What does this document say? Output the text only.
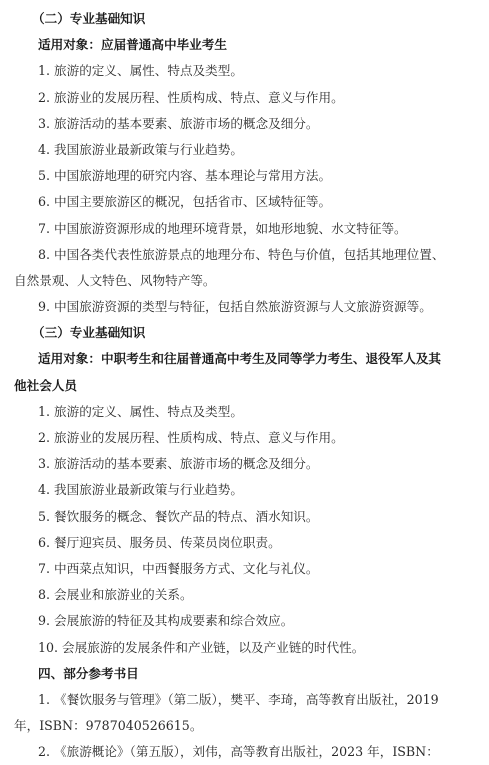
（二）专业基础知识
适用对象：应届普通高中毕业考生
1. 旅游的定义、属性、特点及类型。
2. 旅游业的发展历程、性质构成、特点、意义与作用。
3. 旅游活动的基本要素、旅游市场的概念及细分。
4. 我国旅游业最新政策与行业趋势。
5. 中国旅游地理的研究内容、基本理论与常用方法。
6. 中国主要旅游区的概况，包括省市、区域特征等。
7. 中国旅游资源形成的地理环境背景，如地形地貌、水文特征等。
8. 中国各类代表性旅游景点的地理分布、特色与价值，包括其地理位置、
自然景观、人文特色、风物特产等。
9. 中国旅游资源的类型与特征，包括自然旅游资源与人文旅游资源等。
（三）专业基础知识
适用对象：中职考生和往届普通高中考生及同等学力考生、退役军人及其
他社会人员
1. 旅游的定义、属性、特点及类型。
2. 旅游业的发展历程、性质构成、特点、意义与作用。
3. 旅游活动的基本要素、旅游市场的概念及细分。
4. 我国旅游业最新政策与行业趋势。
5. 餐饮服务的概念、餐饮产品的特点、酒水知识。
6. 餐厅迎宾员、服务员、传菜员岗位职责。
7. 中西菜点知识，中西餐服务方式、文化与礼仪。
8. 会展业和旅游业的关系。
9. 会展旅游的特征及其构成要素和综合效应。
10. 会展旅游的发展条件和产业链，以及产业链的时代性。
四、部分参考书目
1. 《餐饮服务与管理》（第二版），樊平、李琦，高等教育出版社，2019
年，ISBN：9787040526615。
2. 《旅游概论》（第五版），刘伟，高等教育出版社，2023 年，ISBN：
